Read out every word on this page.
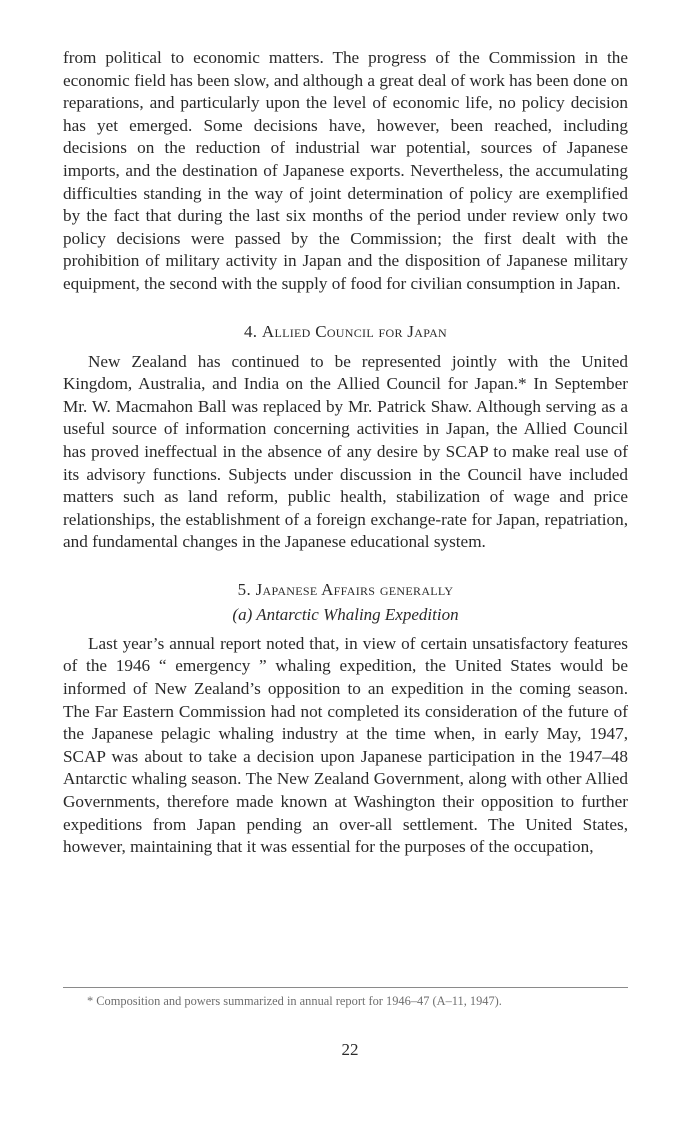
from political to economic matters. The progress of the Commission in the economic field has been slow, and although a great deal of work has been done on reparations, and particularly upon the level of economic life, no policy decision has yet emerged. Some decisions have, however, been reached, including decisions on the reduction of industrial war potential, sources of Japanese imports, and the destination of Japanese exports. Nevertheless, the accumulating difficulties standing in the way of joint determination of policy are exemplified by the fact that during the last six months of the period under review only two policy decisions were passed by the Commission; the first dealt with the prohibition of military activity in Japan and the disposition of Japanese military equipment, the second with the supply of food for civilian consumption in Japan.

4. Allied Council for Japan

New Zealand has continued to be represented jointly with the United Kingdom, Australia, and India on the Allied Council for Japan.* In September Mr. W. Macmahon Ball was replaced by Mr. Patrick Shaw. Although serving as a useful source of information concerning activities in Japan, the Allied Council has proved ineffectual in the absence of any desire by SCAP to make real use of its advisory functions. Subjects under discussion in the Council have included matters such as land reform, public health, stabilization of wage and price relationships, the establishment of a foreign exchange-rate for Japan, repatriation, and fundamental changes in the Japanese educational system.

5. Japanese Affairs generally

(a) Antarctic Whaling Expedition

Last year’s annual report noted that, in view of certain unsatisfactory features of the 1946 “ emergency ” whaling expedition, the United States would be informed of New Zealand’s opposition to an expedition in the coming season. The Far Eastern Commission had not completed its consideration of the future of the Japanese pelagic whaling industry at the time when, in early May, 1947, SCAP was about to take a decision upon Japanese participation in the 1947–48 Antarctic whaling season. The New Zealand Government, along with other Allied Governments, therefore made known at Washington their opposition to further expeditions from Japan pending an over-all settlement. The United States, however, maintaining that it was essential for the purposes of the occupation,

* Composition and powers summarized in annual report for 1946–47 (A–11, 1947).

22
